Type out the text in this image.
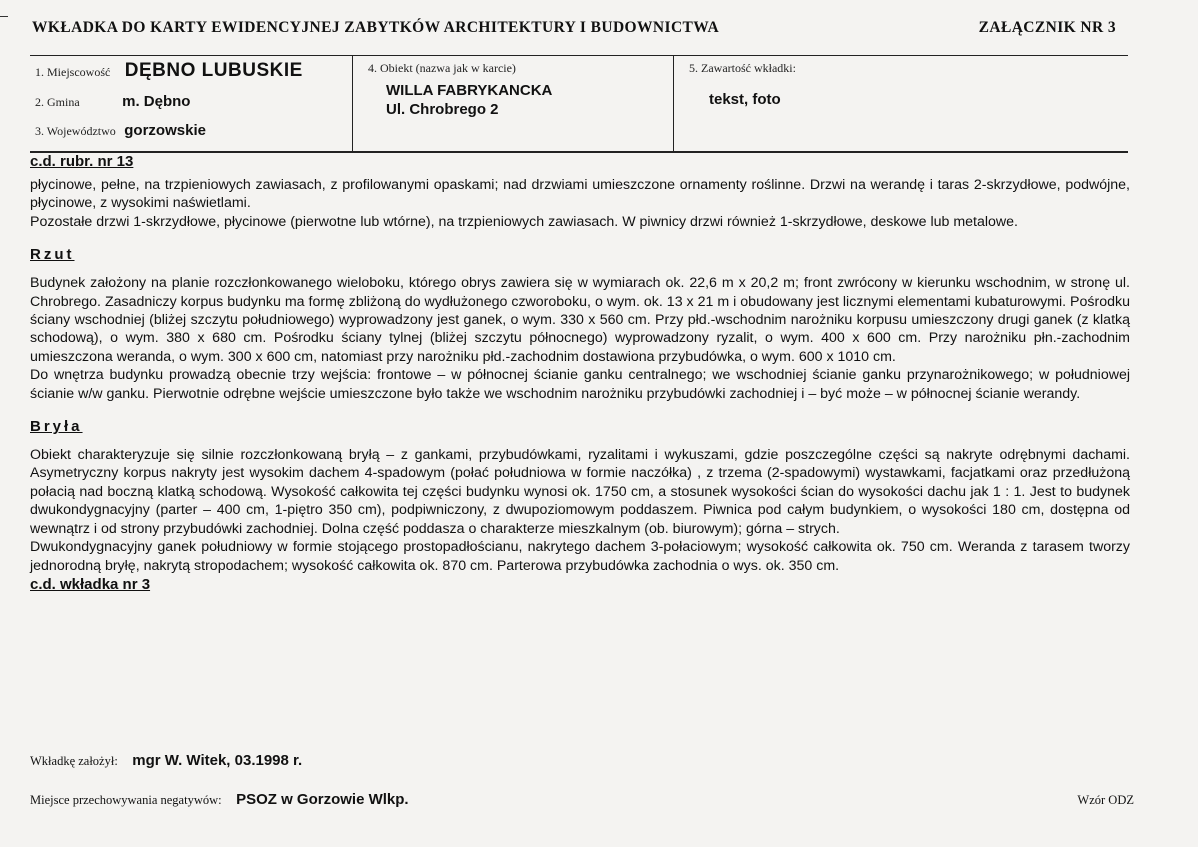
WKŁADKA DO KARTY EWIDENCYJNEJ ZABYTKÓW ARCHITEKTURY I BUDOWNICTWA	ZAŁĄCZNIK NR 3
1. Miejscowość DĘBNO LUBUSKIE
2. Gmina	m. Dębno
3. Województwo gorzowskie
4. Obiekt (nazwa jak w karcie)
WILLA FABRYKANCKA
Ul. Chrobrego 2
5. Zawartość wkładki:
tekst, foto

c.d. rubr. nr 13

płycinowe, pełne, na trzpieniowych zawiasach, z profilowanymi opaskami; nad drzwiami umieszczone ornamenty roślinne. Drzwi na werandę i taras 2-skrzydłowe, podwójne, płycinowe, z wysokimi naświetlami.

Pozostałe drzwi 1-skrzydłowe, płycinowe (pierwotne lub wtórne), na trzpieniowych zawiasach. W piwnicy drzwi również 1-skrzydłowe, deskowe lub metalowe.

Rzut

Budynek założony na planie rozczłonkowanego wieloboku, którego obrys zawiera się w wymiarach ok. 22,6 m x 20,2 m; front zwrócony w kierunku wschodnim, w stronę ul. Chrobrego. Zasadniczy korpus budynku ma formę zbliżoną do wydłużonego czworoboku, o wym. ok. 13 x 21 m i obudowany jest licznymi elementami kubaturowymi. Pośrodku ściany wschodniej (bliżej szczytu południowego) wyprowadzony jest ganek, o wym. 330 x 560 cm. Przy płd.-wschodnim narożniku korpusu umieszczony drugi ganek (z klatką schodową), o wym. 380 x 680 cm. Pośrodku ściany tylnej (bliżej szczytu północnego) wyprowadzony ryzalit, o wym. 400 x 600 cm. Przy narożniku płn.-zachodnim umieszczona weranda, o wym. 300 x 600 cm, natomiast przy narożniku płd.-zachodnim dostawiona przybudówka, o wym. 600 x 1010 cm.

Do wnętrza budynku prowadzą obecnie trzy wejścia: frontowe – w północnej ścianie ganku centralnego; we wschodniej ścianie ganku przynarożnikowego; w południowej ścianie w/w ganku. Pierwotnie odrębne wejście umieszczone było także we wschodnim narożniku przybudówki zachodniej i – być może – w północnej ścianie werandy.

Bryła

Obiekt charakteryzuje się silnie rozczłonkowaną bryłą – z gankami, przybudówkami, ryzalitami i wykuszami, gdzie poszczególne części są nakryte odrębnymi dachami. Asymetryczny korpus nakryty jest wysokim dachem 4-spadowym (połać południowa w formie naczółka) , z trzema (2-spadowymi) wystawkami, facjatkami oraz przedłużoną połacią nad boczną klatką schodową. Wysokość całkowita tej części budynku wynosi ok. 1750 cm, a stosunek wysokości ścian do wysokości dachu jak 1 : 1. Jest to budynek dwukondygnacyjny (parter – 400 cm, 1-piętro 350 cm), podpiwniczony, z dwupoziomowym poddaszem. Piwnica pod całym budynkiem, o wysokości 180 cm, dostępna od wewnątrz i od strony przybudówki zachodniej. Dolna część poddasza o charakterze mieszkalnym (ob. biurowym); górna – strych.

Dwukondygnacyjny ganek południowy w formie stojącego prostopadłościanu, nakrytego dachem 3-połaciowym; wysokość całkowita ok. 750 cm. Weranda z tarasem tworzy jednorodną bryłę, nakrytą stropodachem; wysokość całkowita ok. 870 cm. Parterowa przybudówka zachodnia o wys. ok. 350 cm.

c.d. wkładka nr 3

Wkładkę założył: mgr W. Witek, 03.1998 r.
Miejsce przechowywania negatywów: PSOZ w Gorzowie Wlkp.	Wzór ODZ
